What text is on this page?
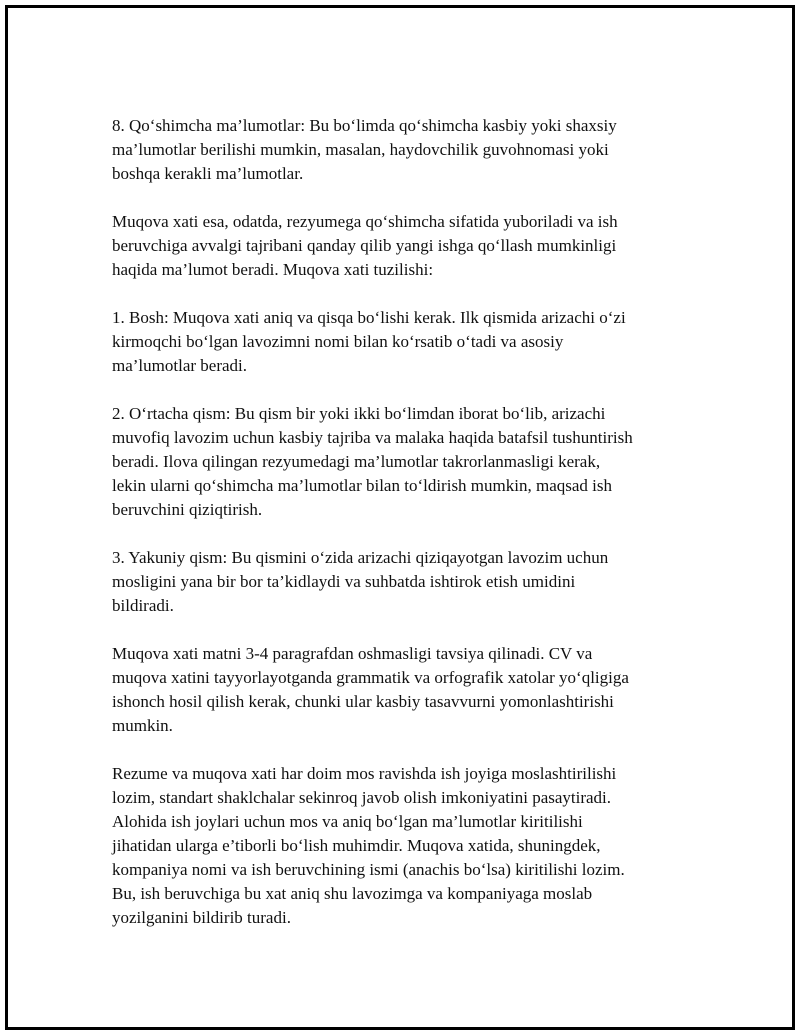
8. Qo‘shimcha ma’lumotlar: Bu bo‘limda qo‘shimcha kasbiy yoki shaxsiy
ma’lumotlar berilishi mumkin, masalan, haydovchilik guvohnomasi yoki
boshqa kerakli ma’lumotlar.

Muqova xati esa, odatda, rezyumega qo‘shimcha sifatida yuboriladi va ish
beruvchiga avvalgi tajribani qanday qilib yangi ishga qo‘llash mumkinligi
haqida ma’lumot beradi. Muqova xati tuzilishi:

1. Bosh: Muqova xati aniq va qisqa bo‘lishi kerak. Ilk qismida arizachi o‘zi
kirmoqchi bo‘lgan lavozimni nomi bilan ko‘rsatib o‘tadi va asosiy
ma’lumotlar beradi.

2. O‘rtacha qism: Bu qism bir yoki ikki bo‘limdan iborat bo‘lib, arizachi
muvofiq lavozim uchun kasbiy tajriba va malaka haqida batafsil tushuntirish
beradi. Ilova qilingan rezyumedagi ma’lumotlar takrorlanmasligi kerak,
lekin ularni qo‘shimcha ma’lumotlar bilan to‘ldirish mumkin, maqsad ish
beruvchini qiziqtirish.

3. Yakuniy qism: Bu qismini o‘zida arizachi qiziqayotgan lavozim uchun
mosligini yana bir bor ta’kidlaydi va suhbatda ishtirok etish umidini
bildiradi.

Muqova xati matni 3-4 paragrafdan oshmasligi tavsiya qilinadi. CV va
muqova xatini tayyorlayotganda grammatik va orfografik xatolar yo‘qligiga
ishonch hosil qilish kerak, chunki ular kasbiy tasavvurni yomonlashtirishi
mumkin.

Rezume va muqova xati har doim mos ravishda ish joyiga moslashtirilishi
lozim, standart shaklchalar sekinroq javob olish imkoniyatini pasaytiradi.
Alohida ish joylari uchun mos va aniq bo‘lgan ma’lumotlar kiritilishi
jihatidan ularga e’tiborli bo‘lish muhimdir. Muqova xatida, shuningdek,
kompaniya nomi va ish beruvchining ismi (anachis bo‘lsa) kiritilishi lozim.
Bu, ish beruvchiga bu xat aniq shu lavozimga va kompaniyaga moslab
yozilganini bildirib turadi.
